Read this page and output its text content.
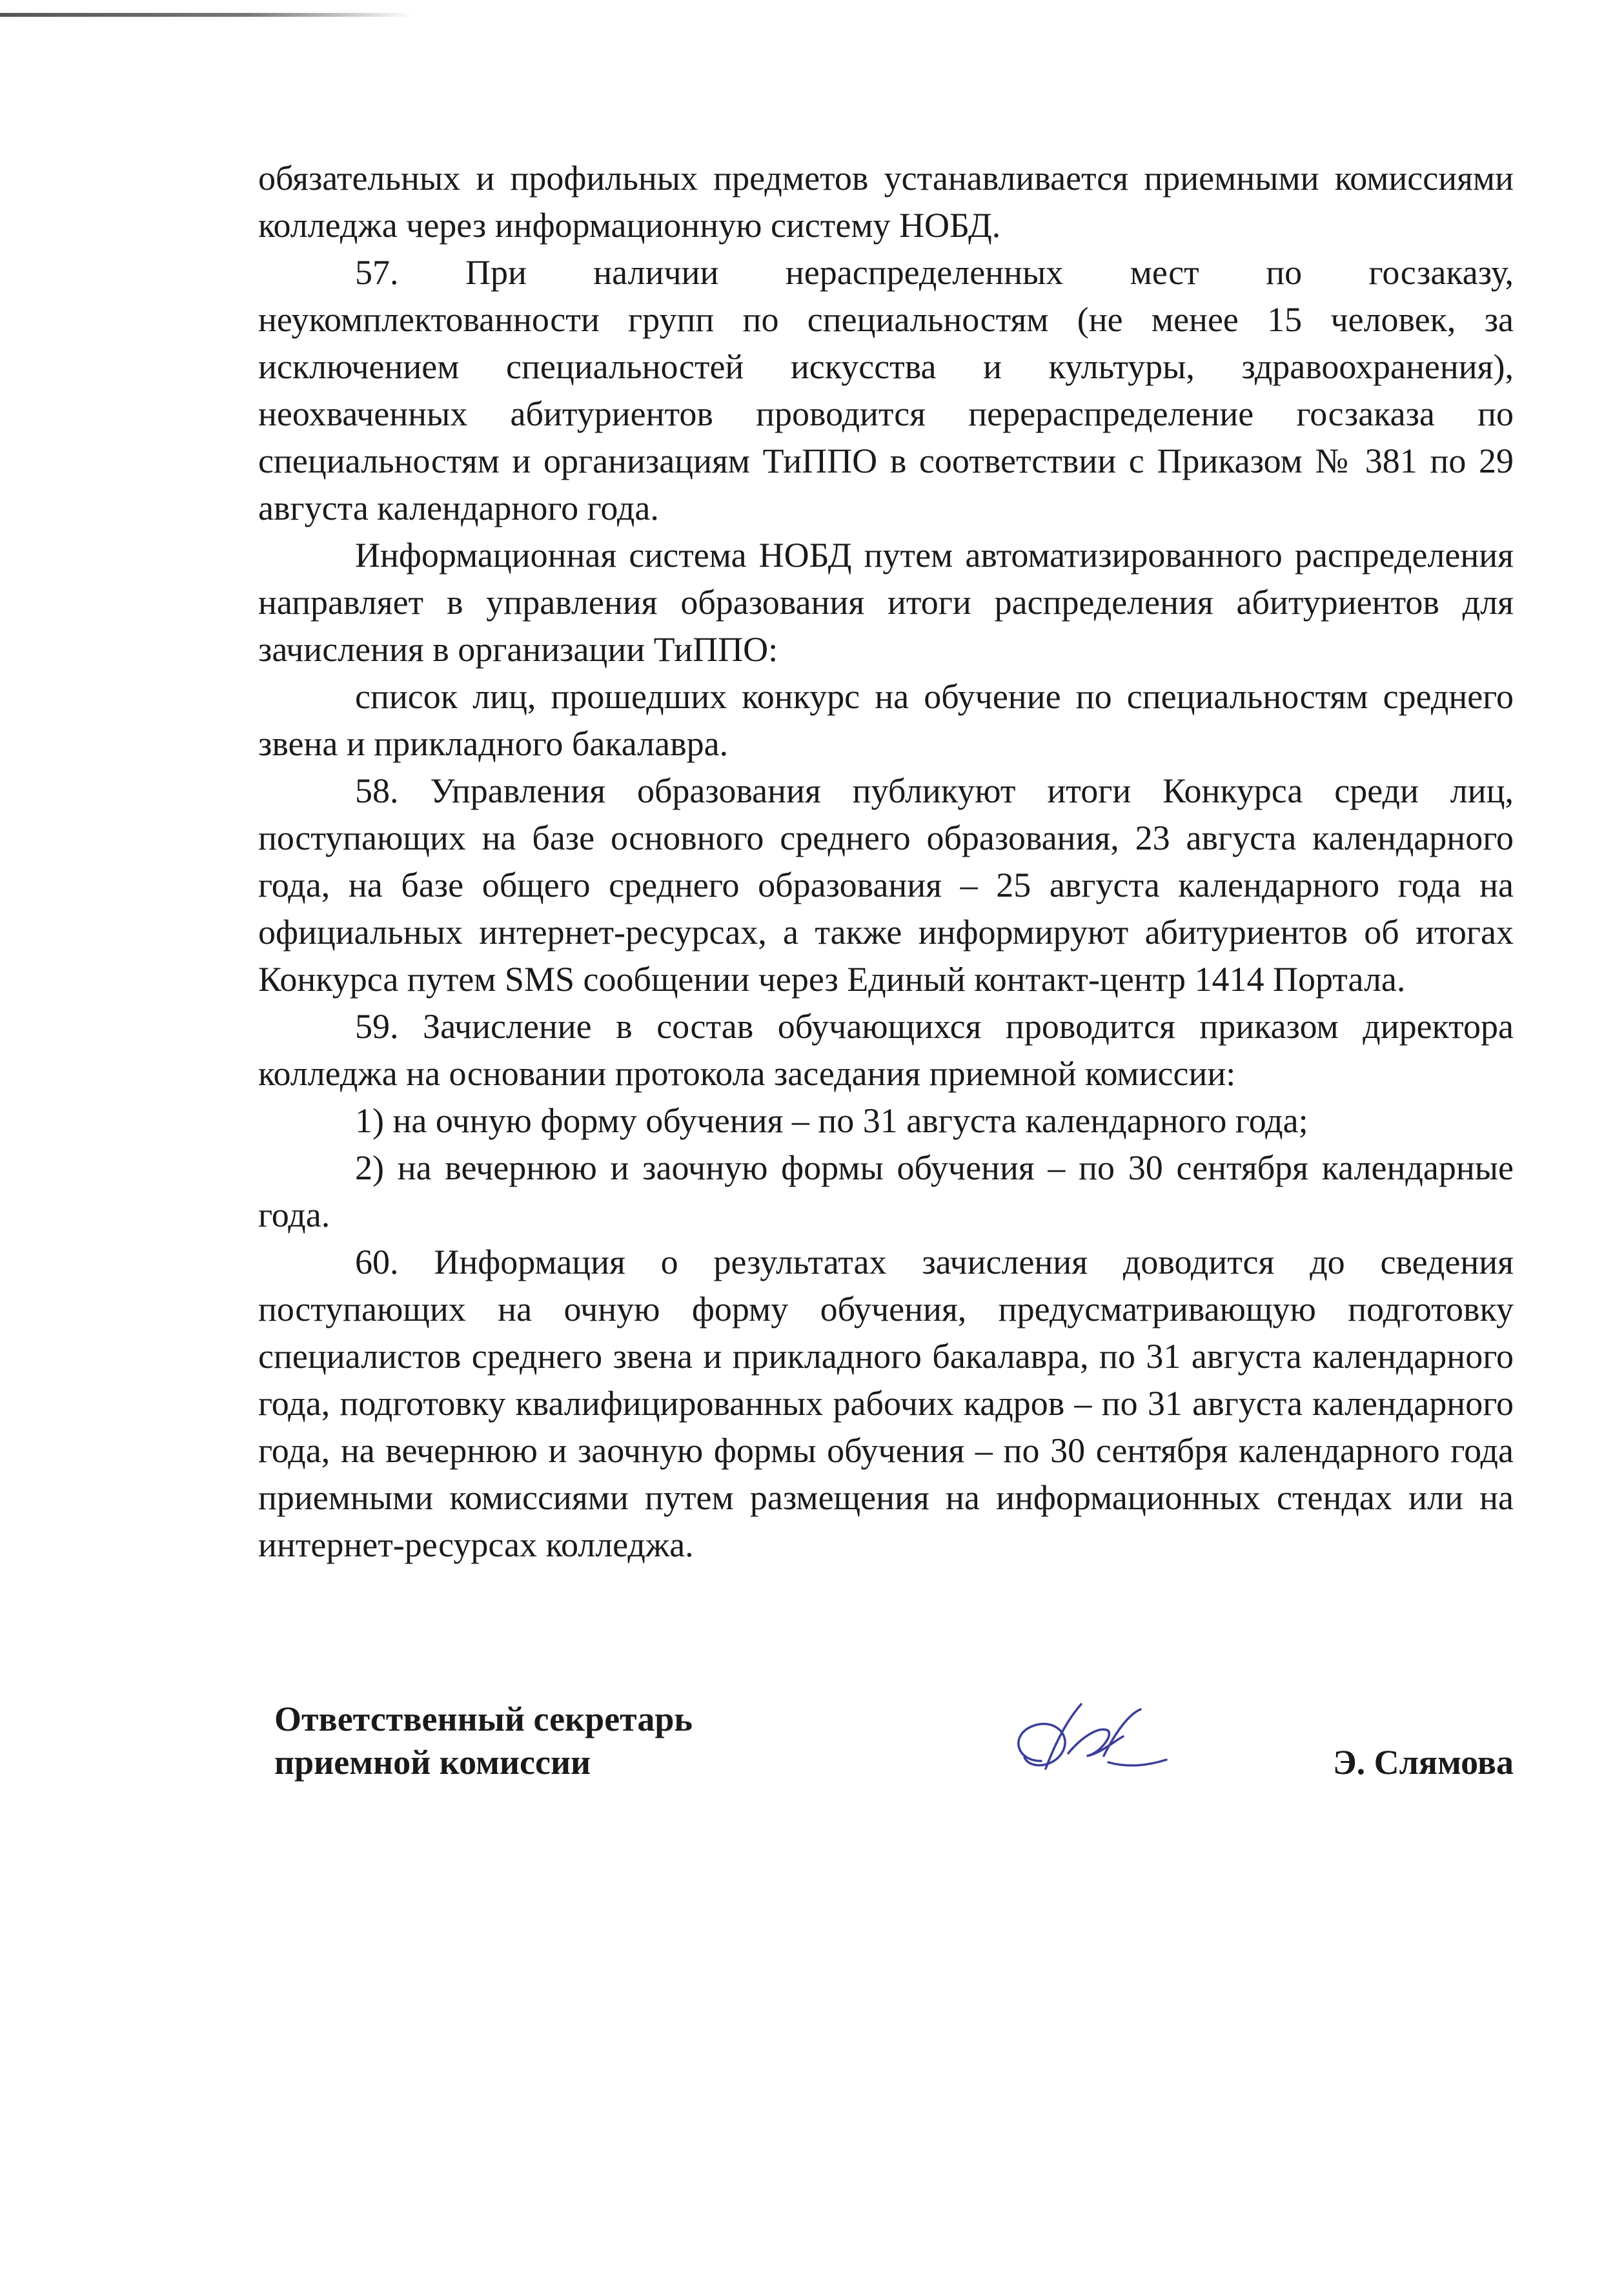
обязательных и профильных предметов устанавливается приемными комиссиями колледжа через информационную систему НОБД.

57. При наличии нераспределенных мест по госзаказу, неукомплектованности групп по специальностям (не менее 15 человек, за исключением специальностей искусства и культуры, здравоохранения), неохваченных абитуриентов проводится перераспределение госзаказа по специальностям и организациям ТиППО в соответствии с Приказом № 381 по 29 августа календарного года.

Информационная система НОБД путем автоматизированного распределения направляет в управления образования итоги распределения абитуриентов для зачисления в организации ТиППО:

список лиц, прошедших конкурс на обучение по специальностям среднего звена и прикладного бакалавра.

58. Управления образования публикуют итоги Конкурса среди лиц, поступающих на базе основного среднего образования, 23 августа календарного года, на базе общего среднего образования – 25 августа календарного года на официальных интернет-ресурсах, а также информируют абитуриентов об итогах Конкурса путем SMS сообщении через Единый контакт-центр 1414 Портала.

59. Зачисление в состав обучающихся проводится приказом директора колледжа на основании протокола заседания приемной комиссии:

1) на очную форму обучения – по 31 августа календарного года;

2) на вечернюю и заочную формы обучения – по 30 сентября календарные года.

60. Информация о результатах зачисления доводится до сведения поступающих на очную форму обучения, предусматривающую подготовку специалистов среднего звена и прикладного бакалавра, по 31 августа календарного года, подготовку квалифицированных рабочих кадров – по 31 августа календарного года, на вечернюю и заочную формы обучения – по 30 сентября календарного года приемными комиссиями путем размещения на информационных стендах или на интернет-ресурсах колледжа.

Ответственный секретарь
приемной комиссии	Э. Слямова
